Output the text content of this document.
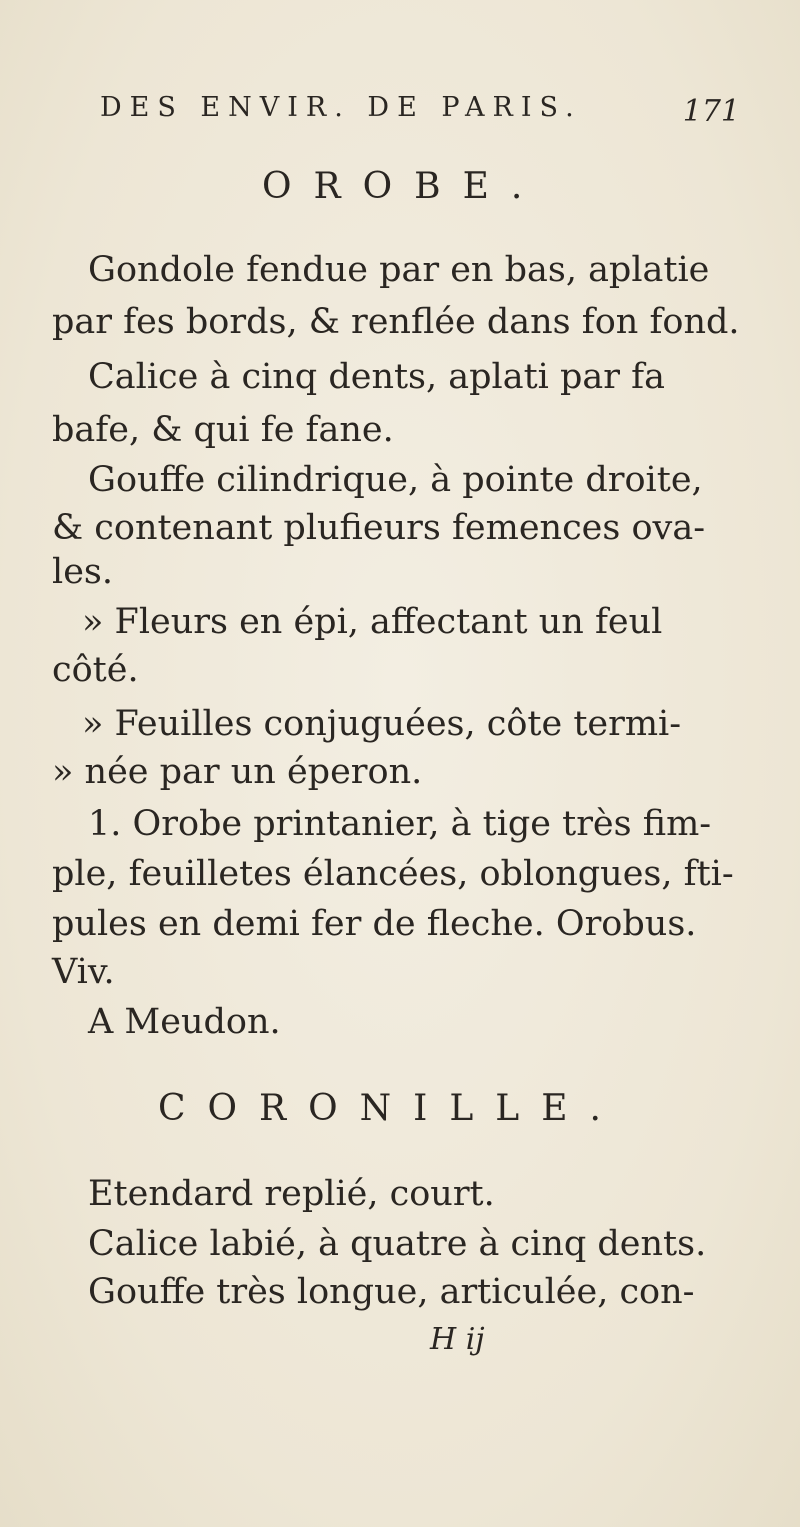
DES ENVIR. DE PARIS.	171
OROBE.
Gondole fendue par en bas, aplatie
par fes bords, & renflée dans fon fond.
Calice à cinq dents, aplati par fa
bafe, & qui fe fane.
Gouffe cilindrique, à pointe droite,
& contenant plufieurs femences ova-
les.
» Fleurs en épi, affectant un feul
côté.
» Feuilles conjuguées, côte termi-
» née par un éperon.
1. Orobe printanier, à tige très fim-
ple, feuilletes élancées, oblongues, fti-
pules en demi fer de fleche. Orobus.
Viv.
A Meudon.
CORONILLE.
Etendard replié, court.
Calice labié, à quatre à cinq dents.
Gouffe très longue, articulée, con-
H ij
